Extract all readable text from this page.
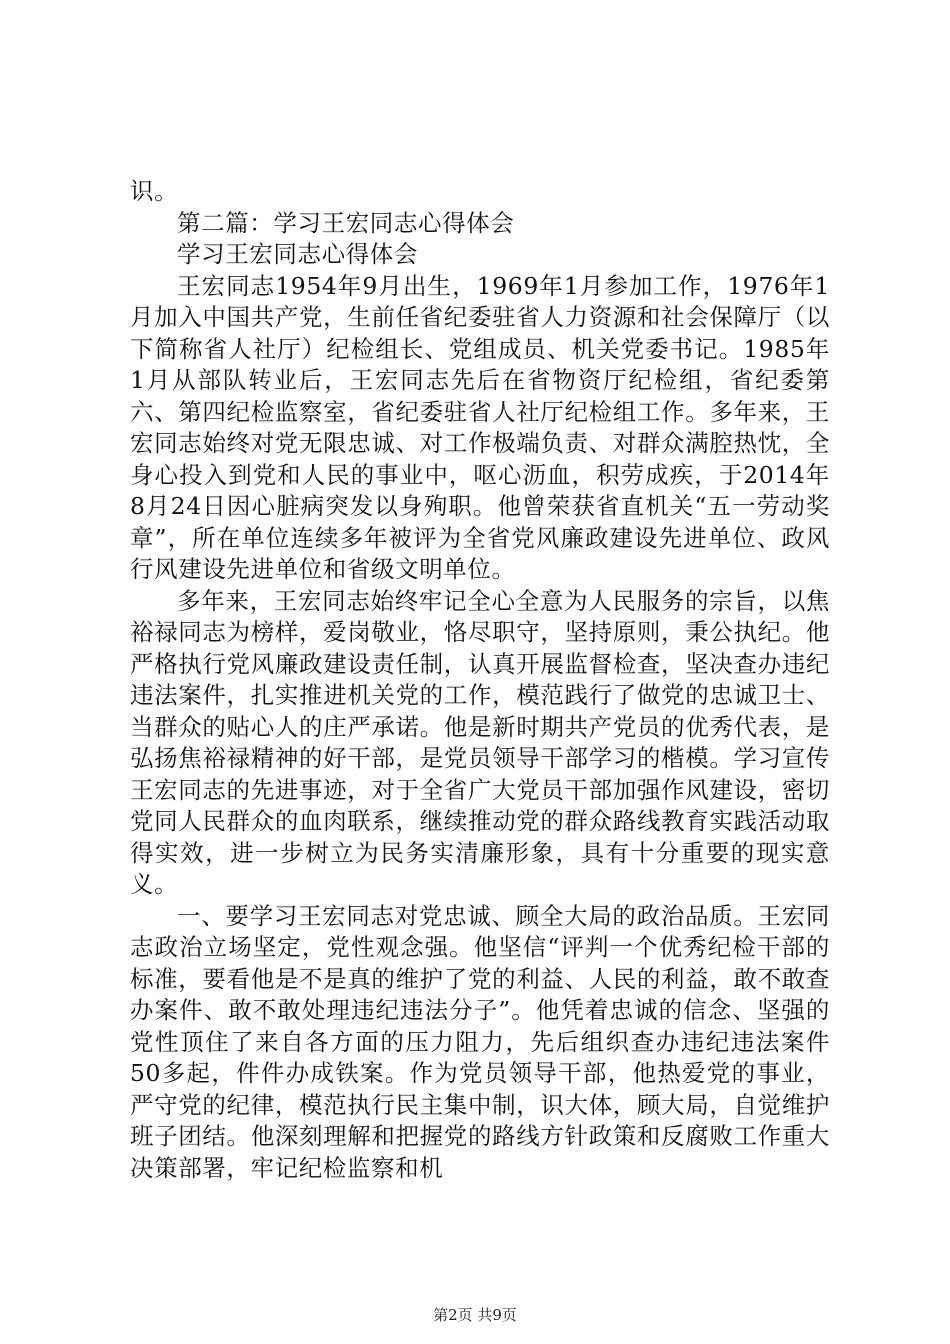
识。

第二篇：学习王宏同志心得体会

学习王宏同志心得体会

王宏同志1954年9月出生，1969年1月参加工作，1976年1月加入中国共产党，生前任省纪委驻省人力资源和社会保障厅（以下简称省人社厅）纪检组长、党组成员、机关党委书记。1985年1月从部队转业后，王宏同志先后在省物资厅纪检组，省纪委第六、第四纪检监察室，省纪委驻省人社厅纪检组工作。多年来，王宏同志始终对党无限忠诚、对工作极端负责、对群众满腔热忱，全身心投入到党和人民的事业中，呕心沥血，积劳成疾，于2014年8月24日因心脏病突发以身殉职。他曾荣获省直机关“五一劳动奖章”，所在单位连续多年被评为全省党风廉政建设先进单位、政风行风建设先进单位和省级文明单位。

多年来，王宏同志始终牢记全心全意为人民服务的宗旨，以焦裕禄同志为榜样，爱岗敬业，恪尽职守，坚持原则，秉公执纪。他严格执行党风廉政建设责任制，认真开展监督检查，坚决查办违纪违法案件，扎实推进机关党的工作，模范践行了做党的忠诚卫士、当群众的贴心人的庄严承诺。他是新时期共产党员的优秀代表，是弘扬焦裕禄精神的好干部，是党员领导干部学习的楷模。学习宣传王宏同志的先进事迹，对于全省广大党员干部加强作风建设，密切党同人民群众的血肉联系，继续推动党的群众路线教育实践活动取得实效，进一步树立为民务实清廉形象，具有十分重要的现实意义。

一、要学习王宏同志对党忠诚、顾全大局的政治品质。王宏同志政治立场坚定，党性观念强。他坚信“评判一个优秀纪检干部的标准，要看他是不是真的维护了党的利益、人民的利益，敢不敢查办案件、敢不敢处理违纪违法分子”。他凭着忠诚的信念、坚强的党性顶住了来自各方面的压力阻力，先后组织查办违纪违法案件50多起，件件办成铁案。作为党员领导干部，他热爱党的事业，严守党的纪律，模范执行民主集中制，识大体，顾大局，自觉维护班子团结。他深刻理解和把握党的路线方针政策和反腐败工作重大决策部署，牢记纪检监察和机

第2页 共9页
